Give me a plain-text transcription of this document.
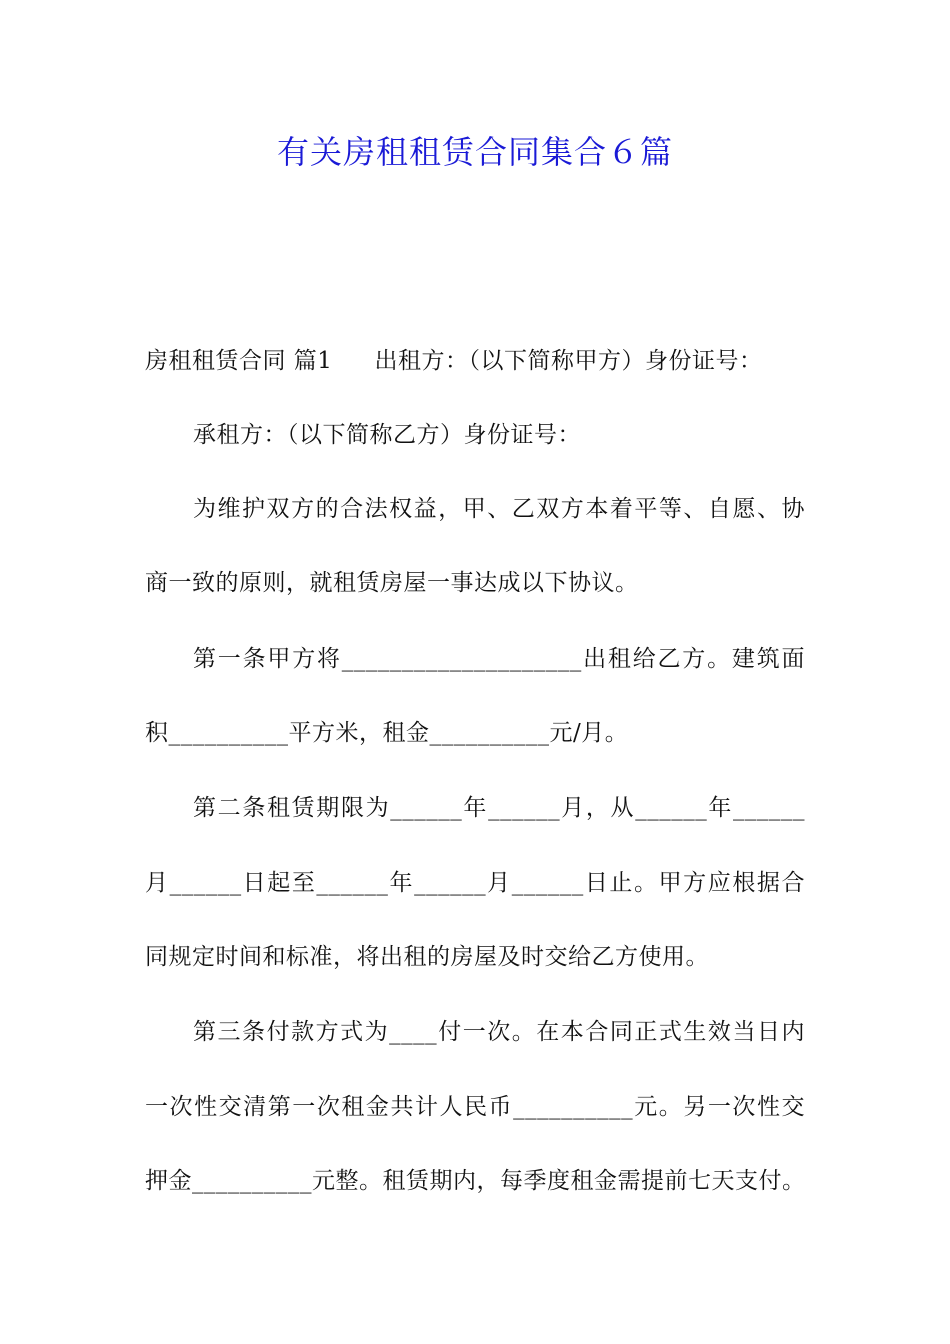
有关房租租赁合同集合６篇
房租租赁合同 篇1 出租方：（以下简称甲方）身份证号：
承租方：（以下简称乙方）身份证号：
为维护双方的合法权益，甲、乙双方本着平等、自愿、协
商一致的原则，就租赁房屋一事达成以下协议。
第一条甲方将____________________出租给乙方。建筑面
积__________平方米，租金__________元/月。
第二条租赁期限为______年______月，从______年______
月______日起至______年______月______日止。甲方应根据合
同规定时间和标准，将出租的房屋及时交给乙方使用。
第三条付款方式为____付一次。在本合同正式生效当日内
一次性交清第一次租金共计人民币__________元。另一次性交
押金__________元整。租赁期内，每季度租金需提前七天支付。
